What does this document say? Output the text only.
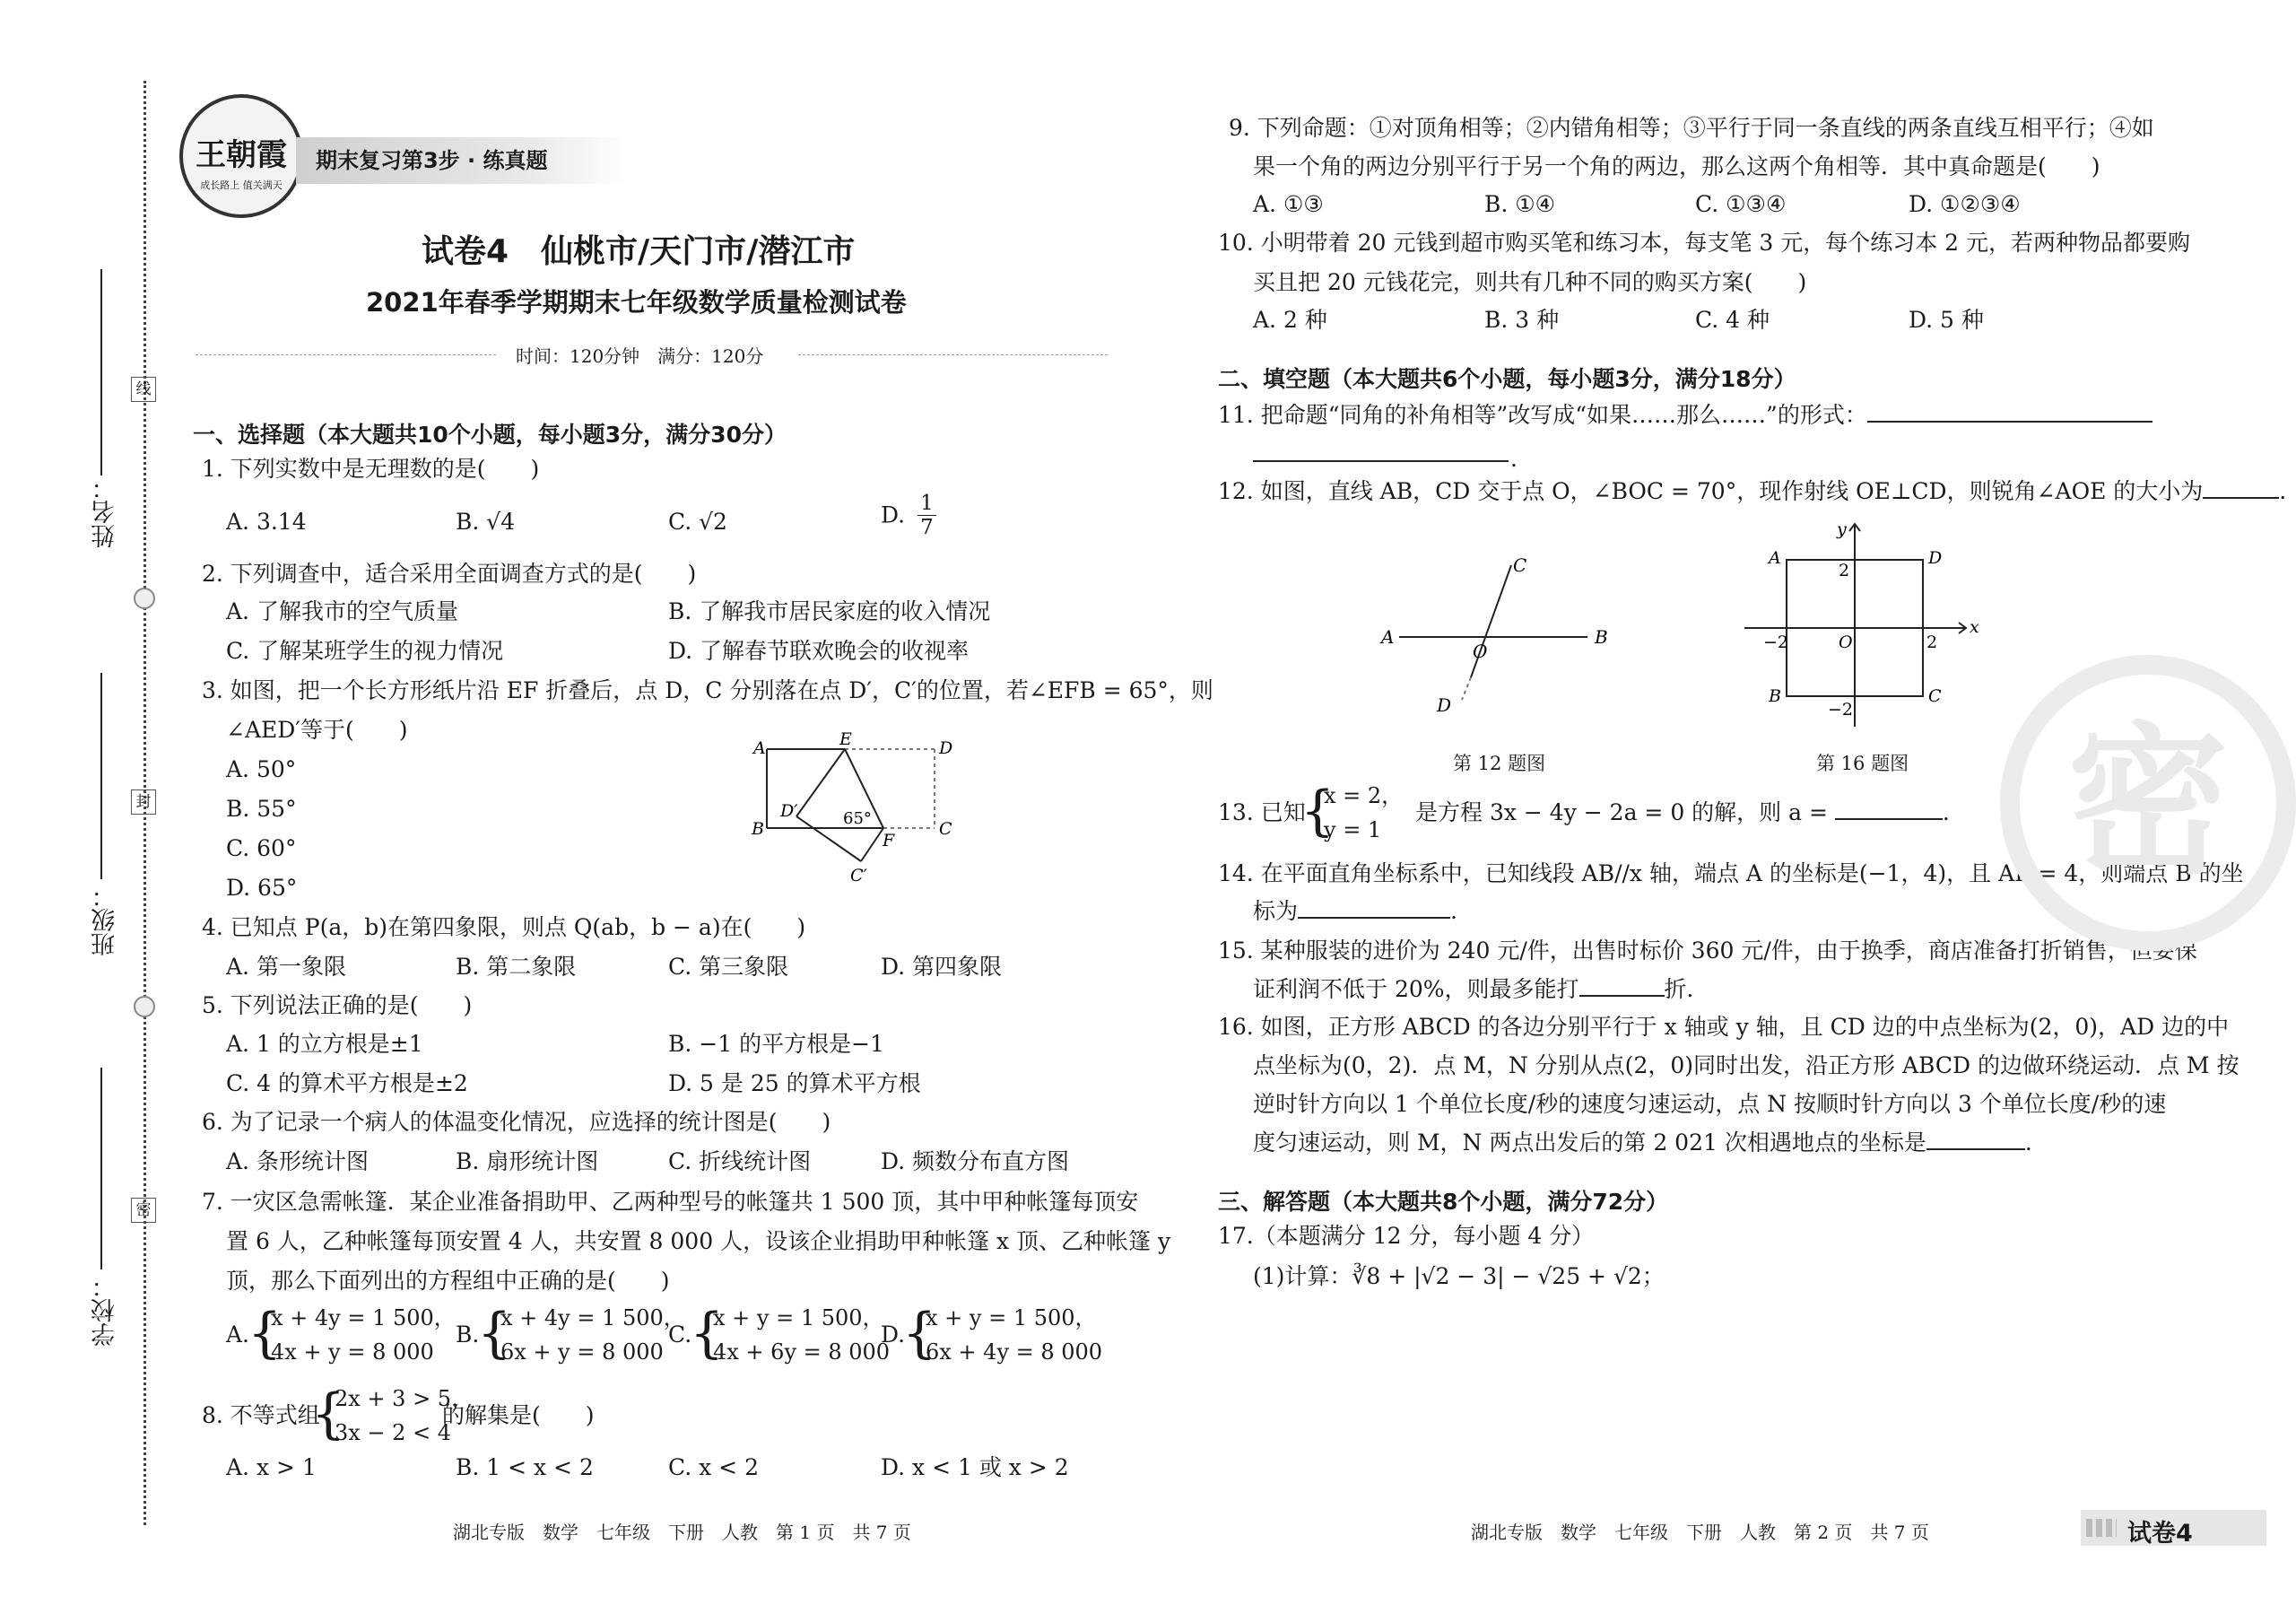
姓名：
班级：
学校：
线
封
密
王朝霞
成长路上 值关满天
期末复习第3步 · 练真题
试卷4　仙桃市/天门市/潜江市
2021年春季学期期末七年级数学质量检测试卷
时间：120分钟　满分：120分
一、选择题（本大题共10个小题，每小题3分，满分30分）
1. 下列实数中是无理数的是(　　)
A. 3.14	B. √4	C. √2	D. $\frac{1}{7}$
2. 下列调查中，适合采用全面调查方式的是(　　)
A. 了解我市的空气质量	B. 了解我市居民家庭的收入情况
C. 了解某班学生的视力情况	D. 了解春节联欢晚会的收视率
3. 如图，把一个长方形纸片沿 EF 折叠后，点 D，C 分别落在点 D′，C′的位置，若∠EFB = 65°，则
∠AED′等于(　　)
A. 50°
B. 55°
C. 60°
D. 65°
A	E	D
B
F
C
D′
C′
65°
4. 已知点 P(a，b)在第四象限，则点 Q(ab，b − a)在(　　)
A. 第一象限	B. 第二象限	C. 第三象限	D. 第四象限
5. 下列说法正确的是(　　)
A. 1 的立方根是±1	B. −1 的平方根是−1
C. 4 的算术平方根是±2	D. 5 是 25 的算术平方根
6. 为了记录一个病人的体温变化情况，应选择的统计图是(　　)
A. 条形统计图	B. 扇形统计图	C. 折线统计图	D. 频数分布直方图
7. 一灾区急需帐篷．某企业准备捐助甲、乙两种型号的帐篷共 1 500 顶，其中甲种帐篷每顶安
置 6 人，乙种帐篷每顶安置 4 人，共安置 8 000 人，设该企业捐助甲种帐篷 x 顶、乙种帐篷 y
顶，那么下面列出的方程组中正确的是(　　)
A.
{
x + 4y = 1 500，
4x + y = 8 000
B.
{
x + 4y = 1 500，
6x + y = 8 000
C.
{
x + y = 1 500，
4x + 6y = 8 000
D.
{
x + y = 1 500，
6x + 4y = 8 000
8. 不等式组
{
2x + 3 > 5，
3x − 2 < 4
的解集是(　　)
A. x > 1	B. 1 < x < 2	C. x < 2	D. x < 1 或 x > 2
湖北专版　数学　七年级　下册　人教　第 1 页　共 7 页
9. 下列命题：①对顶角相等；②内错角相等；③平行于同一条直线的两条直线互相平行；④如
果一个角的两边分别平行于另一个角的两边，那么这两个角相等．其中真命题是(　　)
A. ①③	B. ①④	C. ①③④	D. ①②③④
10. 小明带着 20 元钱到超市购买笔和练习本，每支笔 3 元，每个练习本 2 元，若两种物品都要购
买且把 20 元钱花完，则共有几种不同的购买方案(　　)
A. 2 种	B. 3 种	C. 4 种	D. 5 种
二、填空题（本大题共6个小题，每小题3分，满分18分）
11. 把命题“同角的补角相等”改写成“如果……那么……”的形式：
.
12. 如图，直线 AB，CD 交于点 O，∠BOC = 70°，现作射线 OE⊥CD，则锐角∠AOE 的大小为	.
A	B
C
D
O
第 12 题图
x
y
A	D
B	C
O	2
−2
2
−2
第 16 题图
13. 已知
{
x = 2，
y = 1
是方程 3x − 4y − 2a = 0 的解，则 a =	.
14. 在平面直角坐标系中，已知线段 AB//x 轴，端点 A 的坐标是(−1，4)，且 AB = 4，则端点 B 的坐
标为	.
15. 某种服装的进价为 240 元/件，出售时标价 360 元/件，由于换季，商店准备打折销售，但要保
证利润不低于 20%，则最多能打	折．
16. 如图，正方形 ABCD 的各边分别平行于 x 轴或 y 轴，且 CD 边的中点坐标为(2，0)，AD 边的中
点坐标为(0，2)．点 M，N 分别从点(2，0)同时出发，沿正方形 ABCD 的边做环绕运动．点 M 按
逆时针方向以 1 个单位长度/秒的速度匀速运动，点 N 按顺时针方向以 3 个单位长度/秒的速
度匀速运动，则 M，N 两点出发后的第 2 021 次相遇地点的坐标是	.
三、解答题（本大题共8个小题，满分72分）
17.（本题满分 12 分，每小题 4 分）
(1)计算：∛8 + |√2 − 3| − √25 + √2；
密
湖北专版　数学　七年级　下册　人教　第 2 页　共 7 页	试卷4
